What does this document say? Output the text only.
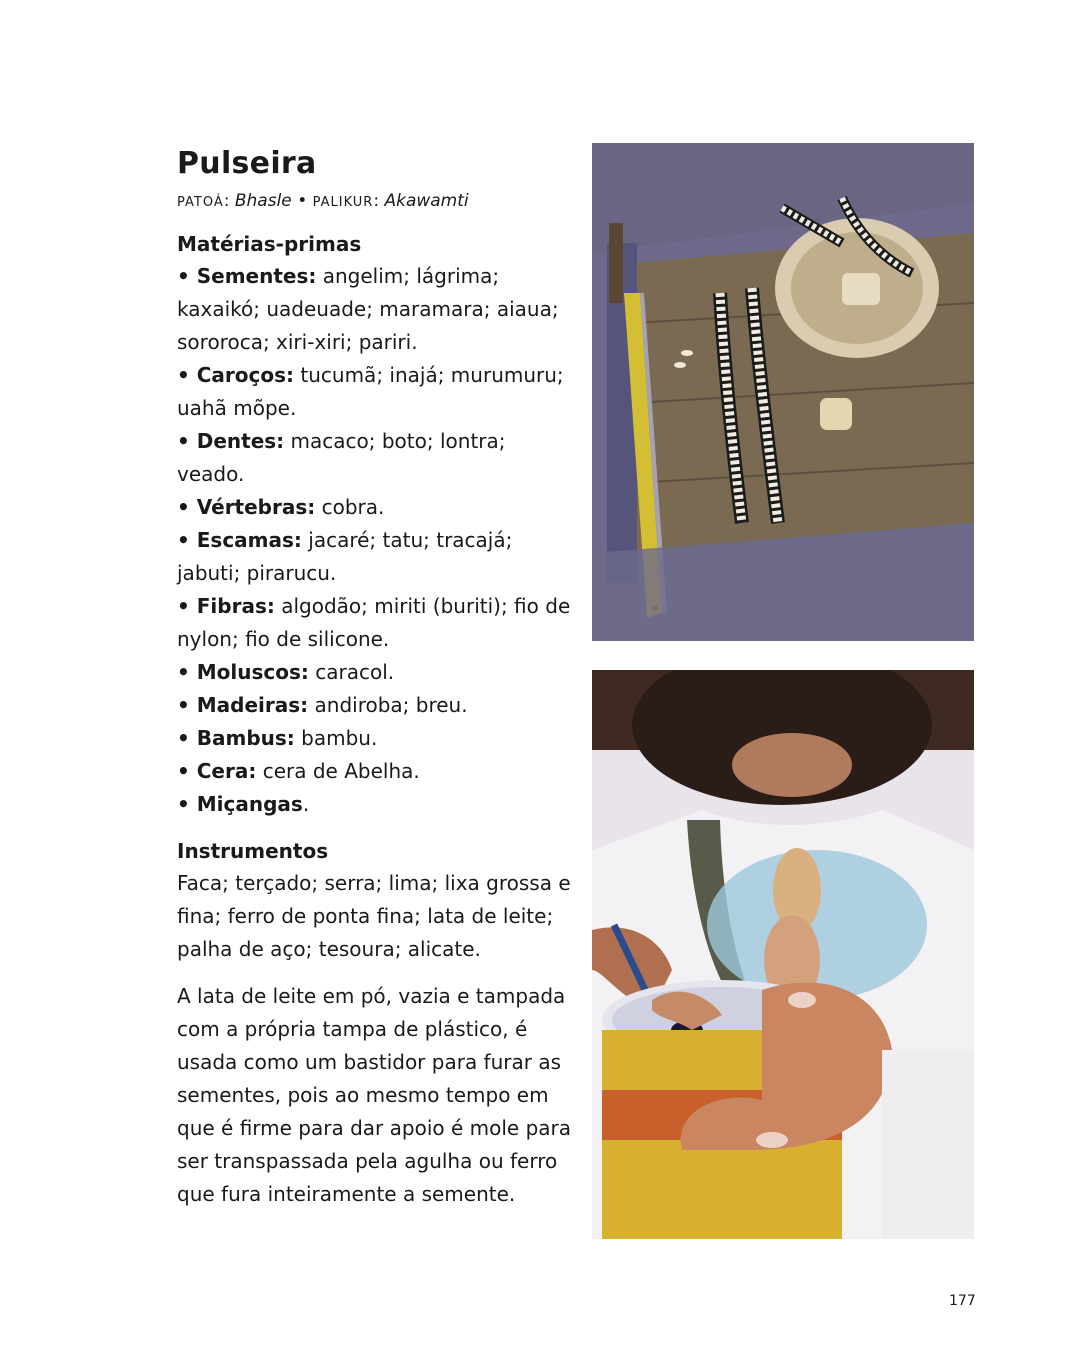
Pulseira
PATOÁ: Bhasle • PALIKUR: Akawamti
Matérias-primas
• Sementes: angelim; lágrima; kaxaikó; uadeuade; maramara; aiaua; sororoca; xiri-xiri; pariri.
• Caroços: tucumã; inajá; murumuru; uahã mõpe.
• Dentes: macaco; boto; lontra; veado.
• Vértebras: cobra.
• Escamas: jacaré; tatu; tracajá; jabuti; pirarucu.
• Fibras: algodão; miriti (buriti); fio de nylon; fio de silicone.
• Moluscos: caracol.
• Madeiras: andiroba; breu.
• Bambus: bambu.
• Cera: cera de Abelha.
• Miçangas.
Instrumentos

Faca; terçado; serra; lima; lixa grossa e fina; ferro de ponta fina; lata de leite; palha de aço; tesoura; alicate.

A lata de leite em pó, vazia e tampada com a própria tampa de plástico, é usada como um bastidor para furar as sementes, pois ao mesmo tempo em que é firme para dar apoio é mole para ser transpassada pela agulha ou ferro que fura inteiramente a semente.

177
